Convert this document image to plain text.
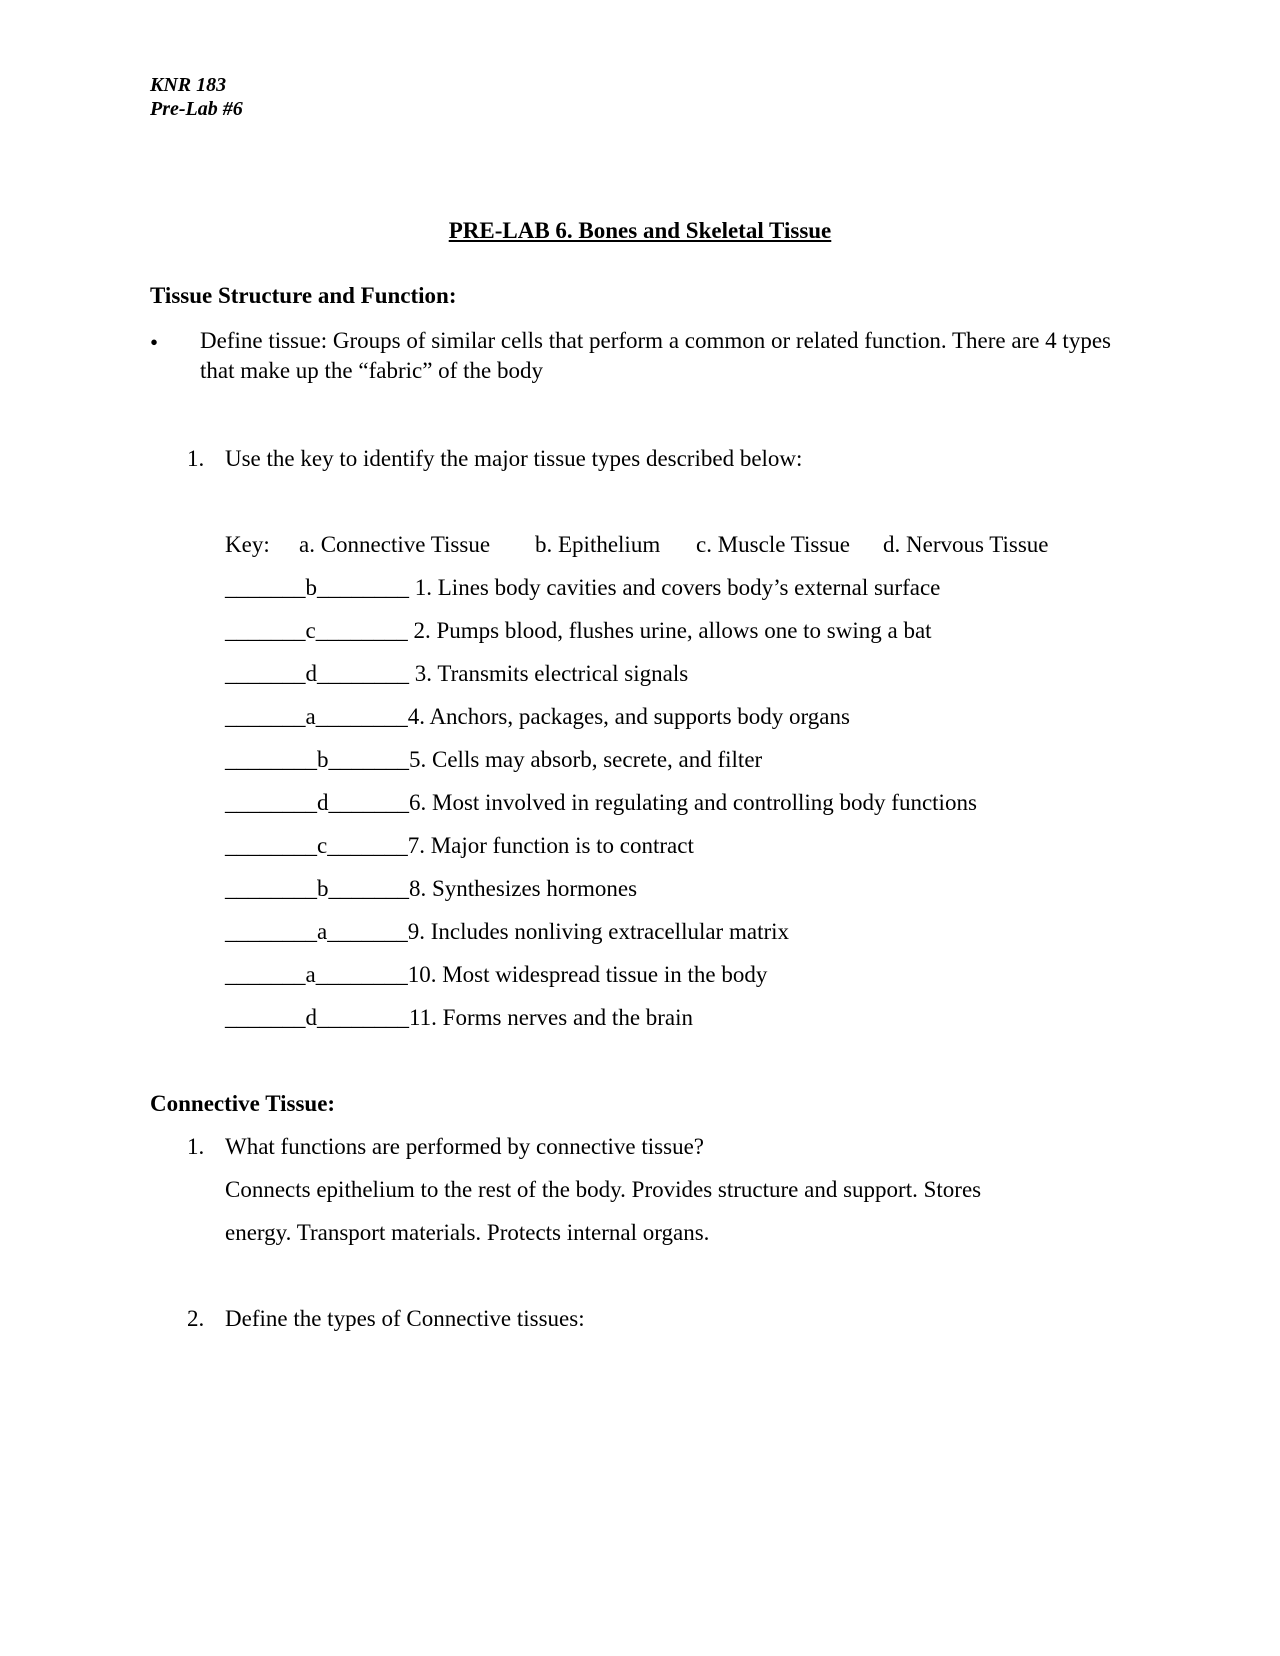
KNR 183
Pre-Lab #6
PRE-LAB 6. Bones and Skeletal Tissue
Tissue Structure and Function:
• Define tissue: Groups of similar cells that perform a common or related function. There are 4 types that make up the “fabric” of the body
1. Use the key to identify the major tissue types described below:
Key: a. Connective Tissue b. Epithelium c. Muscle Tissue d. Nervous Tissue
_______b________ 1. Lines body cavities and covers body’s external surface
_______c________ 2. Pumps blood, flushes urine, allows one to swing a bat
_______d________ 3. Transmits electrical signals
_______a________4. Anchors, packages, and supports body organs
________b_______5. Cells may absorb, secrete, and filter
________d_______6. Most involved in regulating and controlling body functions
________c_______7. Major function is to contract
________b_______8. Synthesizes hormones
________a_______9. Includes nonliving extracellular matrix
_______a________10. Most widespread tissue in the body
_______d________11. Forms nerves and the brain
Connective Tissue:
1. What functions are performed by connective tissue?
Connects epithelium to the rest of the body. Provides structure and support. Stores
energy. Transport materials. Protects internal organs.
2. Define the types of Connective tissues:
